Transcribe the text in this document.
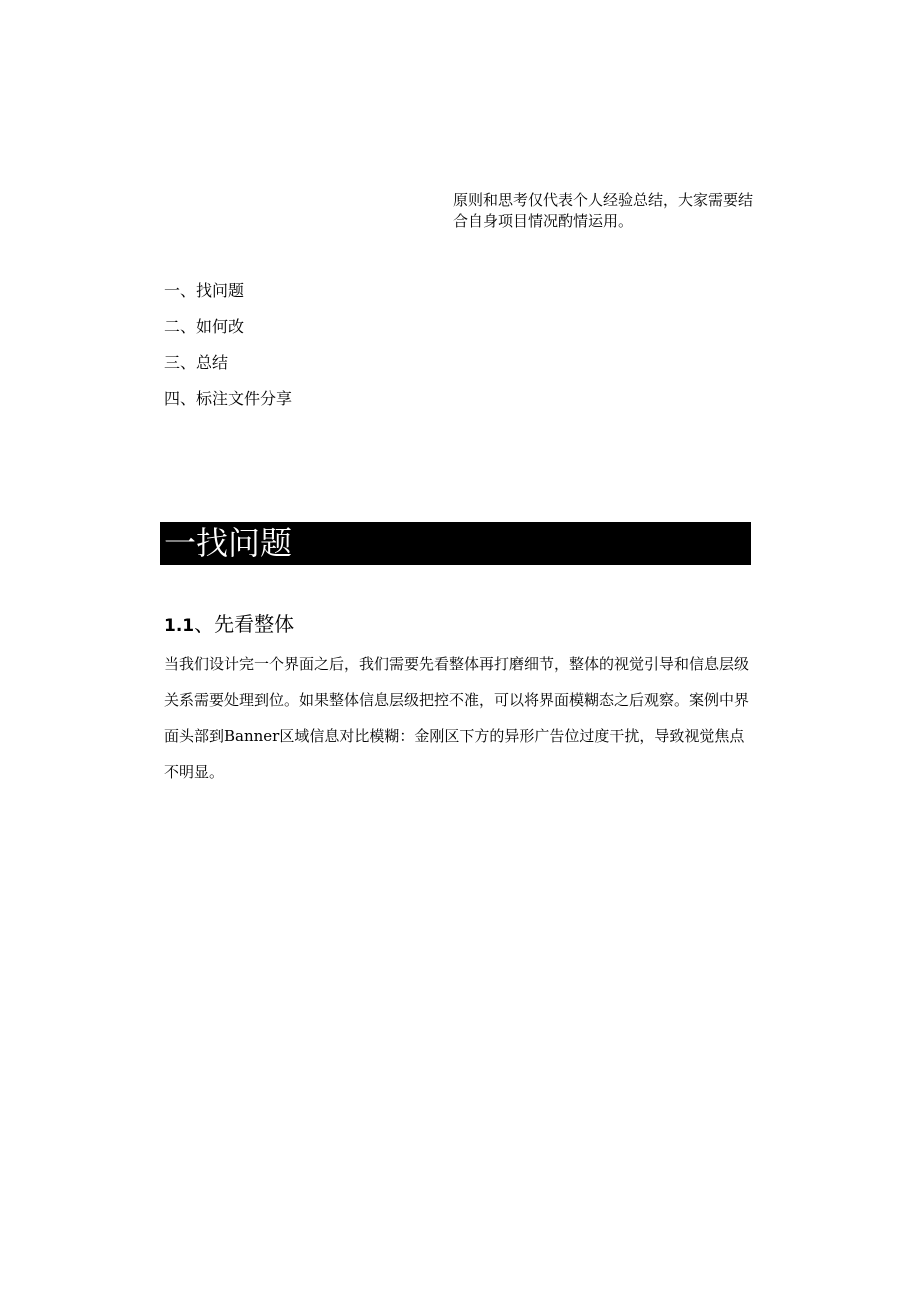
原则和思考仅代表个人经验总结，大家需要结合自身项目情况酌情运用。

一、找问题
二、如何改
三、总结
四、标注文件分享
一找问题
1.1、先看整体

当我们设计完一个界面之后，我们需要先看整体再打磨细节，整体的视觉引导和信息层级关系需要处理到位。如果整体信息层级把控不准，可以将界面模糊态之后观察。案例中界面头部到Banner区域信息对比模糊：金刚区下方的异形广告位过度干扰，导致视觉焦点不明显。
